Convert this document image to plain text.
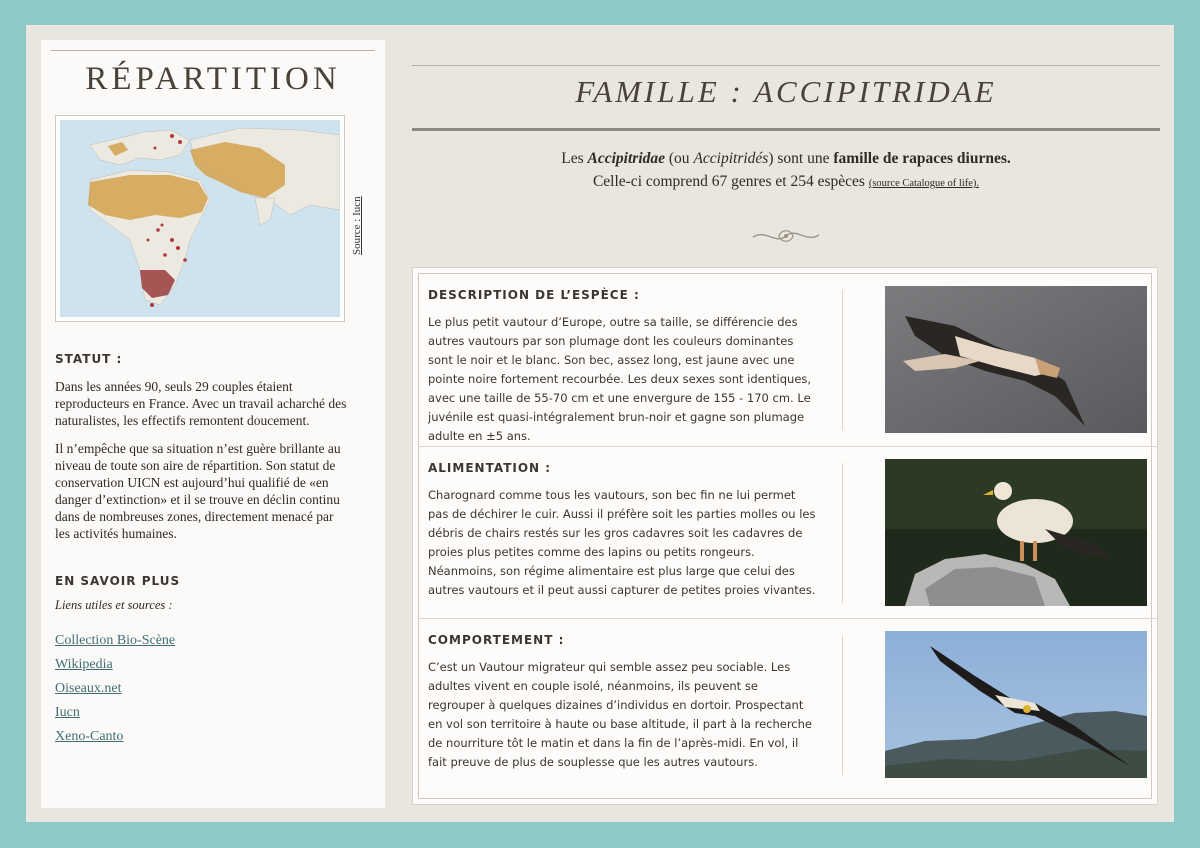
RÉPARTITION
Source : Iucn
STATUT :

Dans les années 90, seuls 29 couples étaient reproducteurs en France. Avec un travail acharché des naturalistes, les effectifs remontent doucement.

Il n’empêche que sa situation n’est guère brillante au niveau de toute son aire de répartition. Son statut de conservation UICN est aujourd’hui qualifié de «en danger d’extinction» et il se trouve en déclin continu dans de nombreuses zones, directement menacé par les activités humaines.

EN SAVOIR PLUS
Liens utiles et sources :
Collection Bio-Scène
Wikipedia
Oiseaux.net
Iucn
Xeno-Canto
FAMILLE : ACCIPITRIDAE
Les Accipitridae (ou Accipitridés) sont une famille de rapaces diurnes.
Celle-ci comprend 67 genres et 254 espèces (source Catalogue of life).
DESCRIPTION DE L’ESPÈCE :

Le plus petit vautour d’Europe, outre sa taille, se différencie des autres vautours par son plumage dont les couleurs dominantes sont le noir et le blanc. Son bec, assez long, est jaune avec une pointe noire fortement recourbée. Les deux sexes sont identiques, avec une taille de 55-70 cm et une envergure de 155 - 170 cm. Le juvénile est quasi-intégralement brun-noir et gagne son plumage adulte en ±5 ans.

ALIMENTATION :

Charognard comme tous les vautours, son bec fin ne lui permet pas de déchirer le cuir. Aussi il préfère soit les parties molles ou les débris de chairs restés sur les gros cadavres soit les cadavres de proies plus petites comme des lapins ou petits rongeurs. Néanmoins, son régime alimentaire est plus large que celui des autres vautours et il peut aussi capturer de petites proies vivantes.

COMPORTEMENT :

C’est un Vautour migrateur qui semble assez peu sociable. Les adultes vivent en couple isolé, néanmoins, ils peuvent se regrouper à quelques dizaines d’individus en dortoir. Prospectant en vol son territoire à haute ou base altitude, il part à la recherche de nourriture tôt le matin et dans la fin de l’après-midi. En vol, il fait preuve de plus de souplesse que les autres vautours.
